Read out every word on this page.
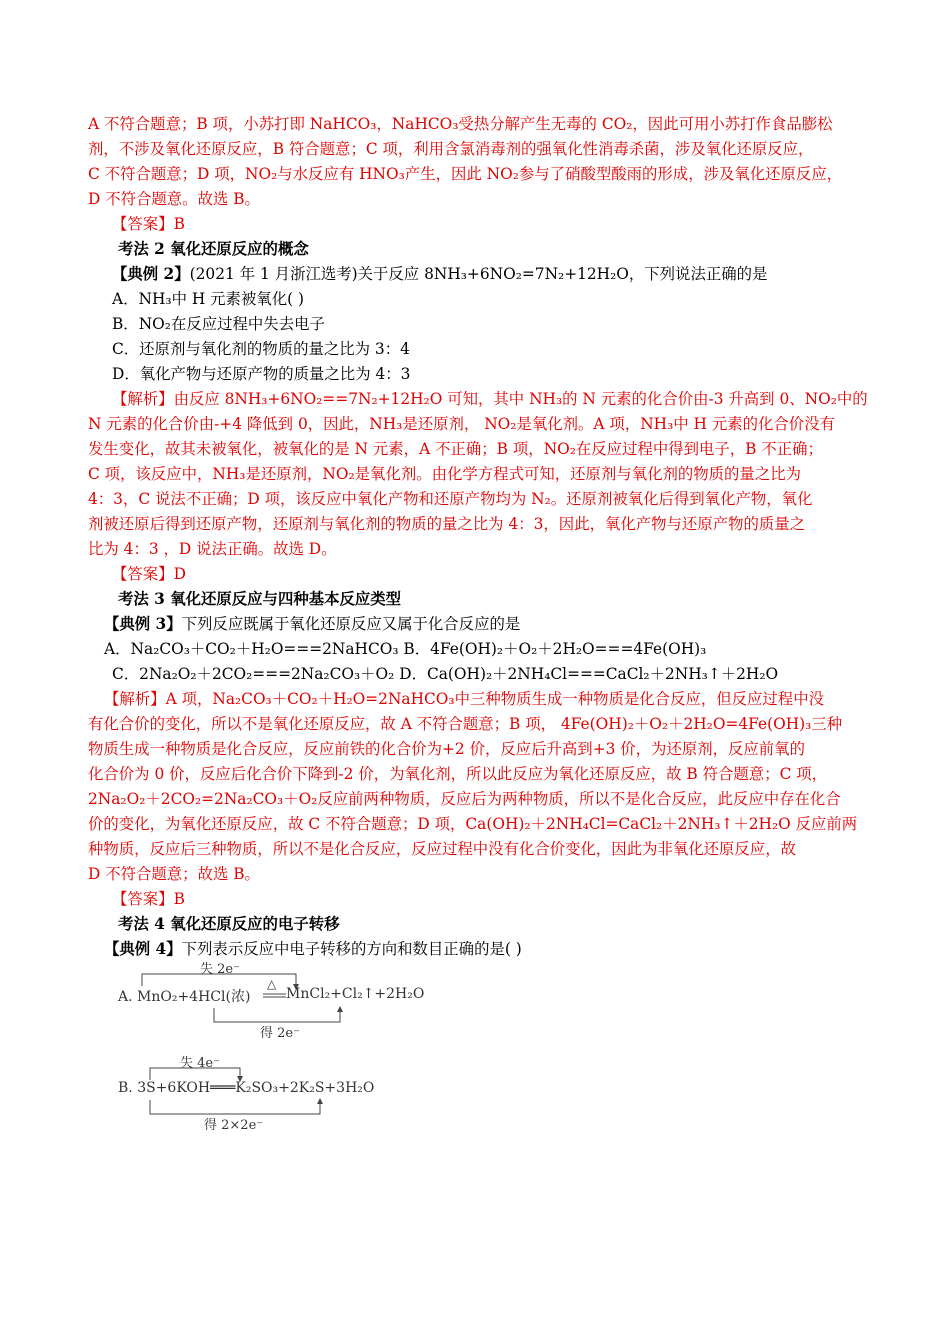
A 不符合题意；B 项，小苏打即 NaHCO₃，NaHCO₃受热分解产生无毒的 CO₂，因此可用小苏打作食品膨松

剂，不涉及氧化还原反应，B 符合题意；C 项，利用含氯消毒剂的强氧化性消毒杀菌，涉及氧化还原反应，

C 不符合题意；D 项，NO₂与水反应有 HNO₃产生，因此 NO₂参与了硝酸型酸雨的形成，涉及氧化还原反应，

D 不符合题意。故选 B。

【答案】B

考法 2 氧化还原反应的概念

【典例 2】(2021 年 1 月浙江选考)关于反应 8NH₃+6NO₂=7N₂+12H₂O，下列说法正确的是

A．NH₃中 H 元素被氧化( )

B．NO₂在反应过程中失去电子

C．还原剂与氧化剂的物质的量之比为 3：4

D．氧化产物与还原产物的质量之比为 4：3

【解析】由反应 8NH₃+6NO₂==7N₂+12H₂O 可知，其中 NH₃的 N 元素的化合价由-3 升高到 0、NO₂中的

N 元素的化合价由-+4 降低到 0，因此，NH₃是还原剂， NO₂是氧化剂。A 项，NH₃中 H 元素的化合价没有

发生变化，故其未被氧化，被氧化的是 N 元素，A 不正确；B 项，NO₂在反应过程中得到电子，B 不正确；

C 项，该反应中，NH₃是还原剂，NO₂是氧化剂。由化学方程式可知，还原剂与氧化剂的物质的量之比为

4：3，C 说法不正确；D 项，该反应中氧化产物和还原产物均为 N₂。还原剂被氧化后得到氧化产物，氧化

剂被还原后得到还原产物，还原剂与氧化剂的物质的量之比为 4：3，因此，氧化产物与还原产物的质量之

比为 4：3 ，D 说法正确。故选 D。

【答案】D

考法 3 氧化还原反应与四种基本反应类型

【典例 3】下列反应既属于氧化还原反应又属于化合反应的是

A．Na₂CO₃＋CO₂＋H₂O===2NaHCO₃ B．4Fe(OH)₂＋O₂＋2H₂O===4Fe(OH)₃

C．2Na₂O₂＋2CO₂===2Na₂CO₃＋O₂ D．Ca(OH)₂＋2NH₄Cl===CaCl₂＋2NH₃↑＋2H₂O

【解析】A 项，Na₂CO₃＋CO₂＋H₂O=2NaHCO₃中三种物质生成一种物质是化合反应，但反应过程中没

有化合价的变化，所以不是氧化还原反应，故 A 不符合题意；B 项， 4Fe(OH)₂＋O₂＋2H₂O=4Fe(OH)₃三种

物质生成一种物质是化合反应，反应前铁的化合价为+2 价，反应后升高到+3 价，为还原剂，反应前氧的

化合价为 0 价，反应后化合价下降到-2 价，为氧化剂，所以此反应为氧化还原反应，故 B 符合题意；C 项，

2Na₂O₂＋2CO₂=2Na₂CO₃＋O₂反应前两种物质，反应后为两种物质，所以不是化合反应，此反应中存在化合

价的变化，为氧化还原反应，故 C 不符合题意；D 项，Ca(OH)₂＋2NH₄Cl=CaCl₂＋2NH₃↑＋2H₂O 反应前两

种物质，反应后三种物质，所以不是化合反应，反应过程中没有化合价变化，因此为非氧化还原反应，故

D 不符合题意；故选 B。

【答案】B

考法 4 氧化还原反应的电子转移

【典例 4】下列表示反应中电子转移的方向和数目正确的是( )

失 2e⁻
A. MnO₂+4HCl(浓)
△
MnCl₂+Cl₂↑+2H₂O
得 2e⁻
失 4e⁻
B. 3S+6KOH═══K₂SO₃+2K₂S+3H₂O
得 2×2e⁻
